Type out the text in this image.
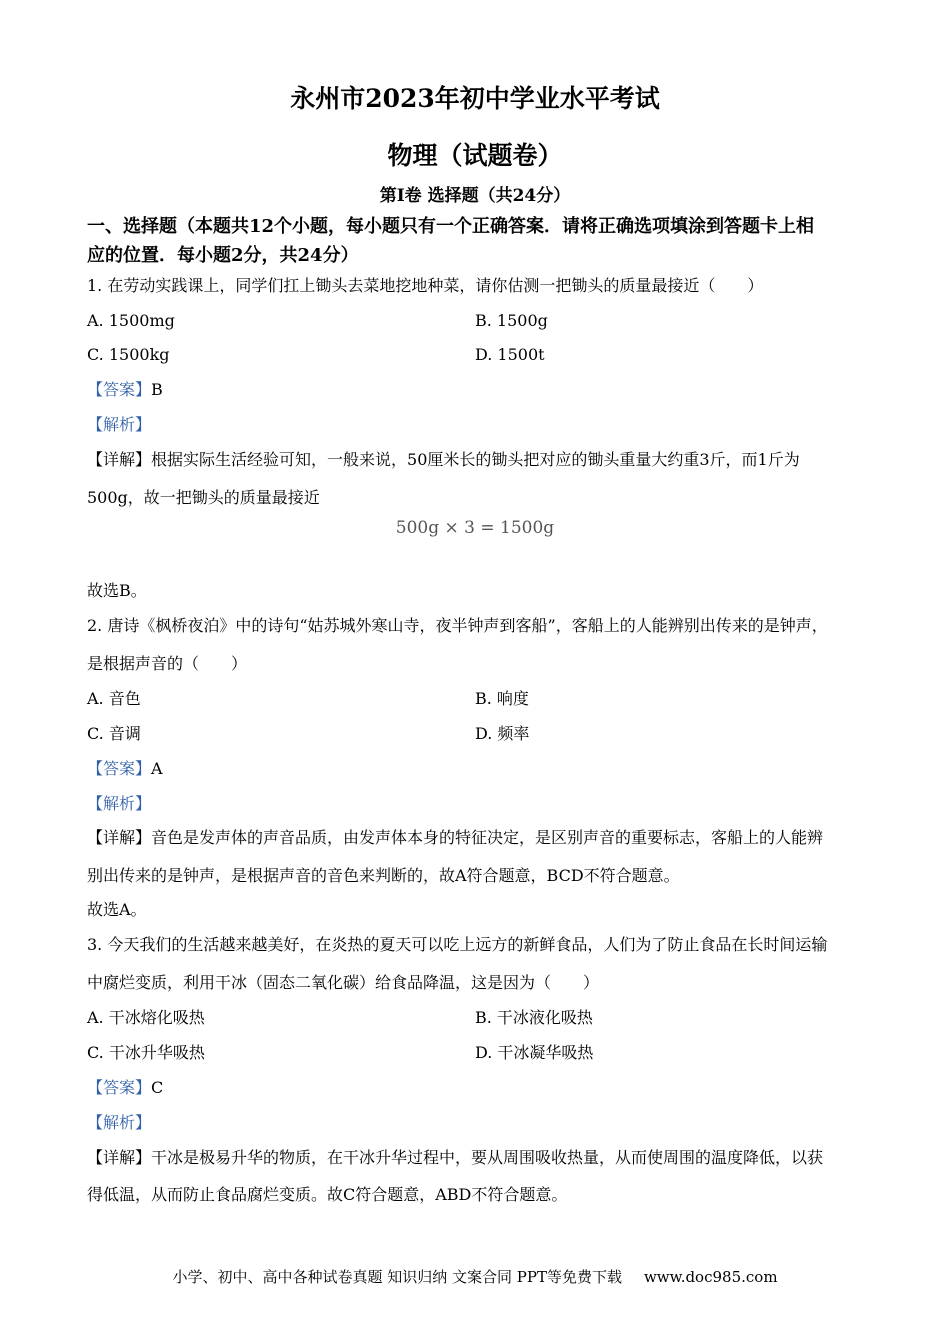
永州市2023年初中学业水平考试
物理（试题卷）
第Ⅰ卷 选择题（共24分）
一、选择题（本题共12个小题，每小题只有一个正确答案．请将正确选项填涂到答题卡上相
应的位置．每小题2分，共24分）
1. 在劳动实践课上，同学们扛上锄头去菜地挖地种菜，请你估测一把锄头的质量最接近（　　）
A. 1500mg	B. 1500g
C. 1500kg	D. 1500t
【答案】B
【解析】
【详解】根据实际生活经验可知，一般来说，50厘米长的锄头把对应的锄头重量大约重3斤，而1斤为
500g，故一把锄头的质量最接近
500g × 3 = 1500g
故选B。
2. 唐诗《枫桥夜泊》中的诗句“姑苏城外寒山寺，夜半钟声到客船”，客船上的人能辨别出传来的是钟声，
是根据声音的（　　）
A. 音色	B. 响度
C. 音调	D. 频率
【答案】A
【解析】
【详解】音色是发声体的声音品质，由发声体本身的特征决定，是区别声音的重要标志，客船上的人能辨
别出传来的是钟声，是根据声音的音色来判断的，故A符合题意，BCD不符合题意。
故选A。
3. 今天我们的生活越来越美好，在炎热的夏天可以吃上远方的新鲜食品，人们为了防止食品在长时间运输
中腐烂变质，利用干冰（固态二氧化碳）给食品降温，这是因为（　　）
A. 干冰熔化吸热	B. 干冰液化吸热
C. 干冰升华吸热	D. 干冰凝华吸热
【答案】C
【解析】
【详解】干冰是极易升华的物质，在干冰升华过程中，要从周围吸收热量，从而使周围的温度降低，以获
得低温，从而防止食品腐烂变质。故C符合题意，ABD不符合题意。
小学、初中、高中各种试卷真题 知识归纳 文案合同 PPT等免费下载 www.doc985.com
